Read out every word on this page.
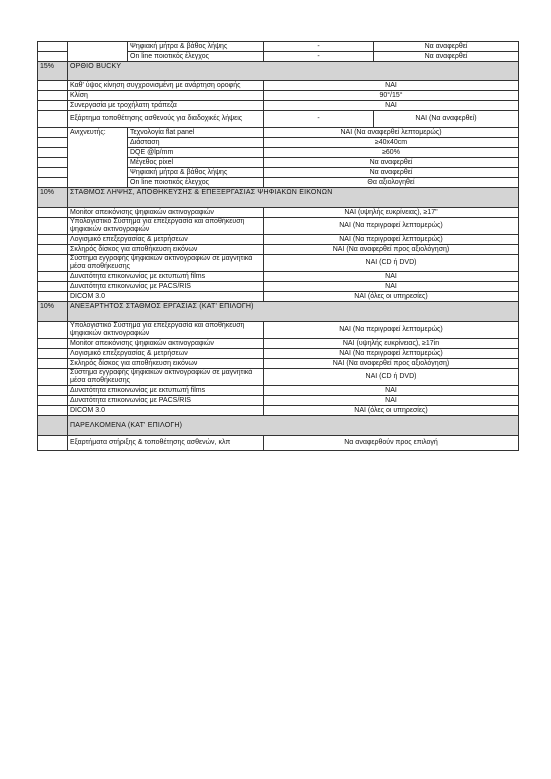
		Ψηφιακή μήτρα & βάθος λήψης	-	Να αναφερθεί
		On line ποιοτικός έλεγχος	-	Να αναφερθεί
15%	ΟΡΘΙΟ BUCKY			
	Καθ' ύψος κίνηση συγχρονισμένη με ανάρτηση οροφής		ΝΑΙ	
	Κλίση		90°/15°	
	Συνεργασία με τροχήλατη τράπεζα		ΝΑΙ	
	Εξάρτημα τοποθέτησης ασθενούς για διαδοχικές λήψεις		-	ΝΑΙ (Να αναφερθεί)
	Ανιχνευτής:	Τεχνολογία flat panel	ΝΑΙ (Να αναφερθεί λεπτομερώς)	
		Διάσταση	≥40x40cm	
		DQE @lp/mm	≥60%	
		Μέγεθος pixel	Να αναφερθεί	
		Ψηφιακή μήτρα & βάθος λήψης	Να αναφερθεί	
		On line ποιοτικός έλεγχος	Θα αξιολογηθεί	
10%	ΣΤΑΘΜΟΣ ΛΗΨΗΣ, ΑΠΟΘΗΚΕΥΣΗΣ & ΕΠΕΞΕΡΓΑΣΙΑΣ ΨΗΦΙΑΚΩΝ ΕΙΚΟΝΩΝ			
	Monitor απεικόνισης ψηφιακών ακτινογραφιών		ΝΑΙ (υψηλής ευκρίνειας), ≥17"	
	Υπολογιστικό Σύστημα για επεξεργασία και αποθήκευση ψηφιακών ακτινογραφιών		ΝΑΙ (Να περιγραφεί λεπτομερώς)	
	Λογισμικό επεξεργασίας & μετρήσεων		ΝΑΙ (Να περιγραφεί λεπτομερώς)	
	Σκληρός δίσκος για αποθήκευση εικόνων		ΝΑΙ (Να αναφερθεί προς αξιολόγηση)	
	Σύστημα εγγραφής ψηφιακών ακτινογραφιών σε μαγνητικά μέσα αποθήκευσης		ΝΑΙ (CD ή DVD)	
	Δυνατότητα επικοινωνίας με εκτυπωτή films		ΝΑΙ	
	Δυνατότητα επικοινωνίας με PACS/RIS		ΝΑΙ	
	DICOM 3.0		ΝΑΙ (όλες οι υπηρεσίες)	
10%	ΑΝΕΞΑΡΤΗΤΟΣ ΣΤΑΘΜΟΣ ΕΡΓΑΣΙΑΣ (ΚΑΤ' ΕΠΙΛΟΓΗ)			
	Υπολογιστικό Σύστημα για επεξεργασία και αποθήκευση ψηφιακών ακτινογραφιών		ΝΑΙ (Να περιγραφεί λεπτομερώς)	
	Monitor απεικόνισης ψηφιακών ακτινογραφιών		ΝΑΙ (υψηλής ευκρίνειας), ≥17in	
	Λογισμικό επεξεργασίας & μετρήσεων		ΝΑΙ (Να περιγραφεί λεπτομερώς)	
	Σκληρός δίσκος για αποθήκευση εικόνων		ΝΑΙ (Να αναφερθεί προς αξιολόγηση)	
	Σύστημα εγγραφής ψηφιακών ακτινογραφιών σε μαγνητικά μέσα αποθήκευσης		ΝΑΙ (CD ή DVD)	
	Δυνατότητα επικοινωνίας με εκτυπωτή films		ΝΑΙ	
	Δυνατότητα επικοινωνίας με PACS/RIS		ΝΑΙ	
	DICOM 3.0		ΝΑΙ (όλες οι υπηρεσίες)	
	ΠΑΡΕΛΚΟΜΕΝΑ (ΚΑΤ' ΕΠΙΛΟΓΗ)			
	Εξαρτήματα στήριξης & τοποθέτησης ασθενών, κλπ		Να αναφερθούν προς επιλογή	
